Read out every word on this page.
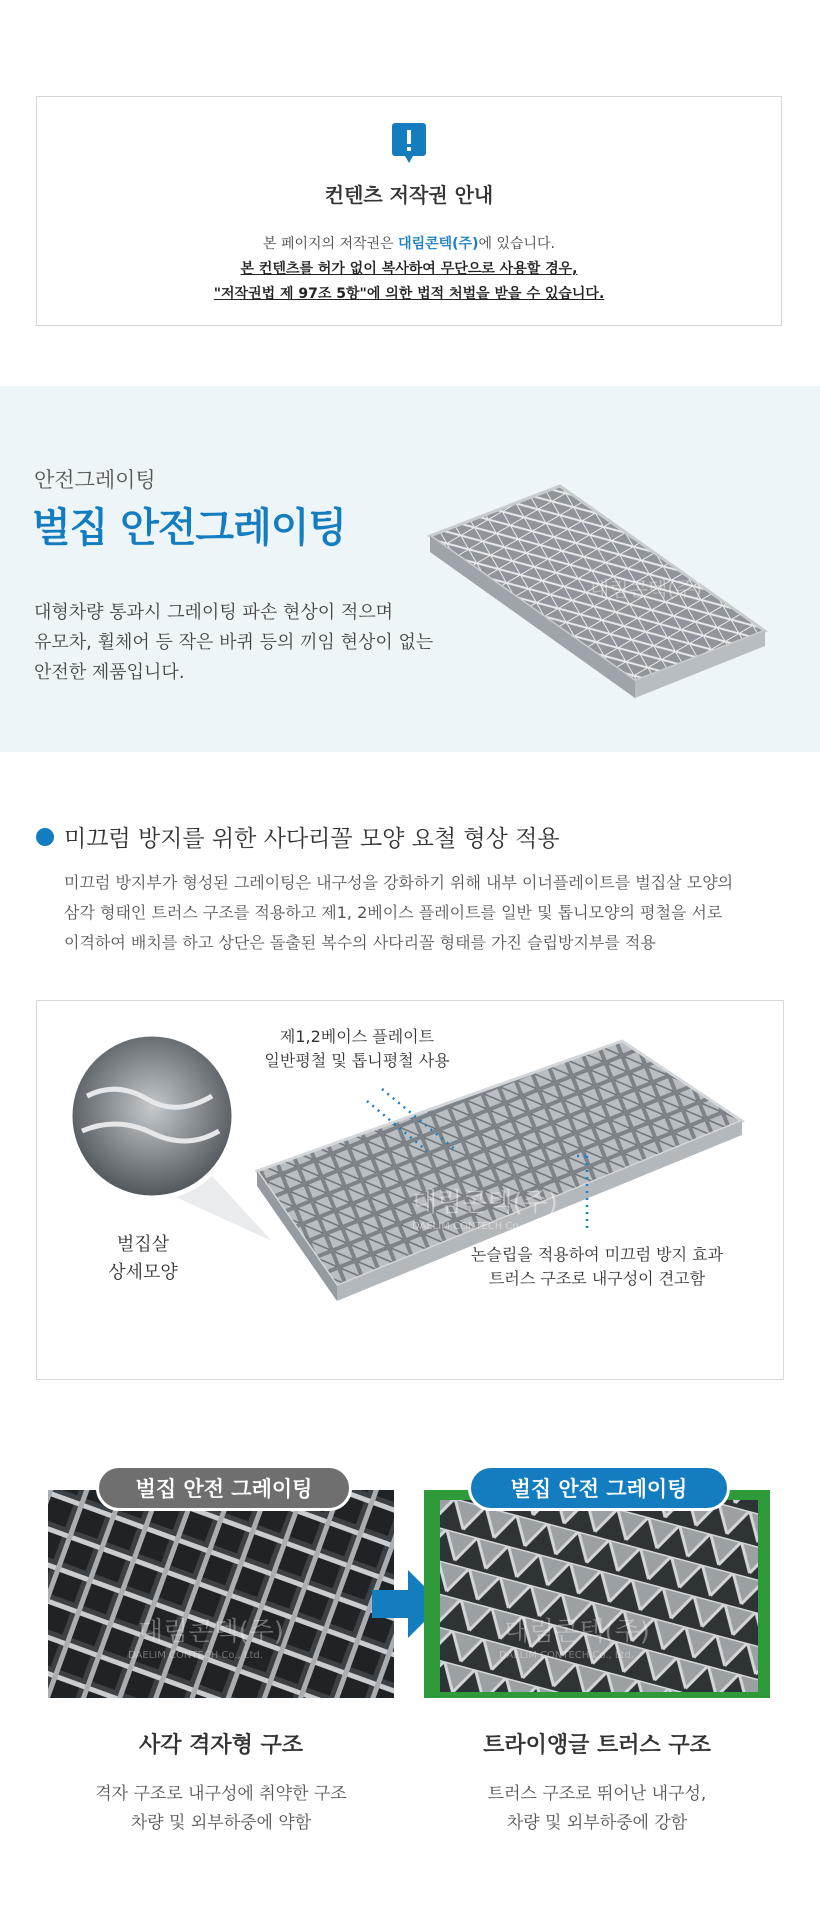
컨텐츠 저작권 안내
본 페이지의 저작권은 대림콘텍(주)에 있습니다.
본 컨텐츠를 허가 없이 복사하여 무단으로 사용할 경우,
"저작권법 제 97조 5항"에 의한 법적 처벌을 받을 수 있습니다.
안전그레이팅
벌집 안전그레이팅
대형차량 통과시 그레이팅 파손 현상이 적으며
유모차, 휠체어 등 작은 바퀴 등의 끼임 현상이 없는
안전한 제품입니다.
대림콘텍(주)
미끄럼 방지를 위한 사다리꼴 모양 요철 형상 적용
미끄럼 방지부가 형성된 그레이팅은 내구성을 강화하기 위해 내부 이너플레이트를 벌집살 모양의
삼각 형태인 트러스 구조를 적용하고 제1, 2베이스 플레이트를 일반 및 톱니모양의 평철을 서로
이격하여 배치를 하고 상단은 돌출된 복수의 사다리꼴 형태를 가진 슬립방지부를 적용
대림콘텍(주)
DAELIM CONTECH Co., Ltd.
제1,2베이스 플레이트
일반평철 및 톱니평철 사용
벌집살
상세모양
논슬립을 적용하여 미끄럼 방지 효과
트러스 구조로 내구성이 견고함
대림콘텍(주)
DAELIM CONTECH Co., Ltd.
벌집 안전 그레이팅
대림콘텍(주)
DAELIM CONTECH Co., Ltd.
벌집 안전 그레이팅
사각 격자형 구조
격자 구조로 내구성에 취약한 구조
차량 및 외부하중에 약함
트라이앵글 트러스 구조
트러스 구조로 뛰어난 내구성,
차량 및 외부하중에 강함
